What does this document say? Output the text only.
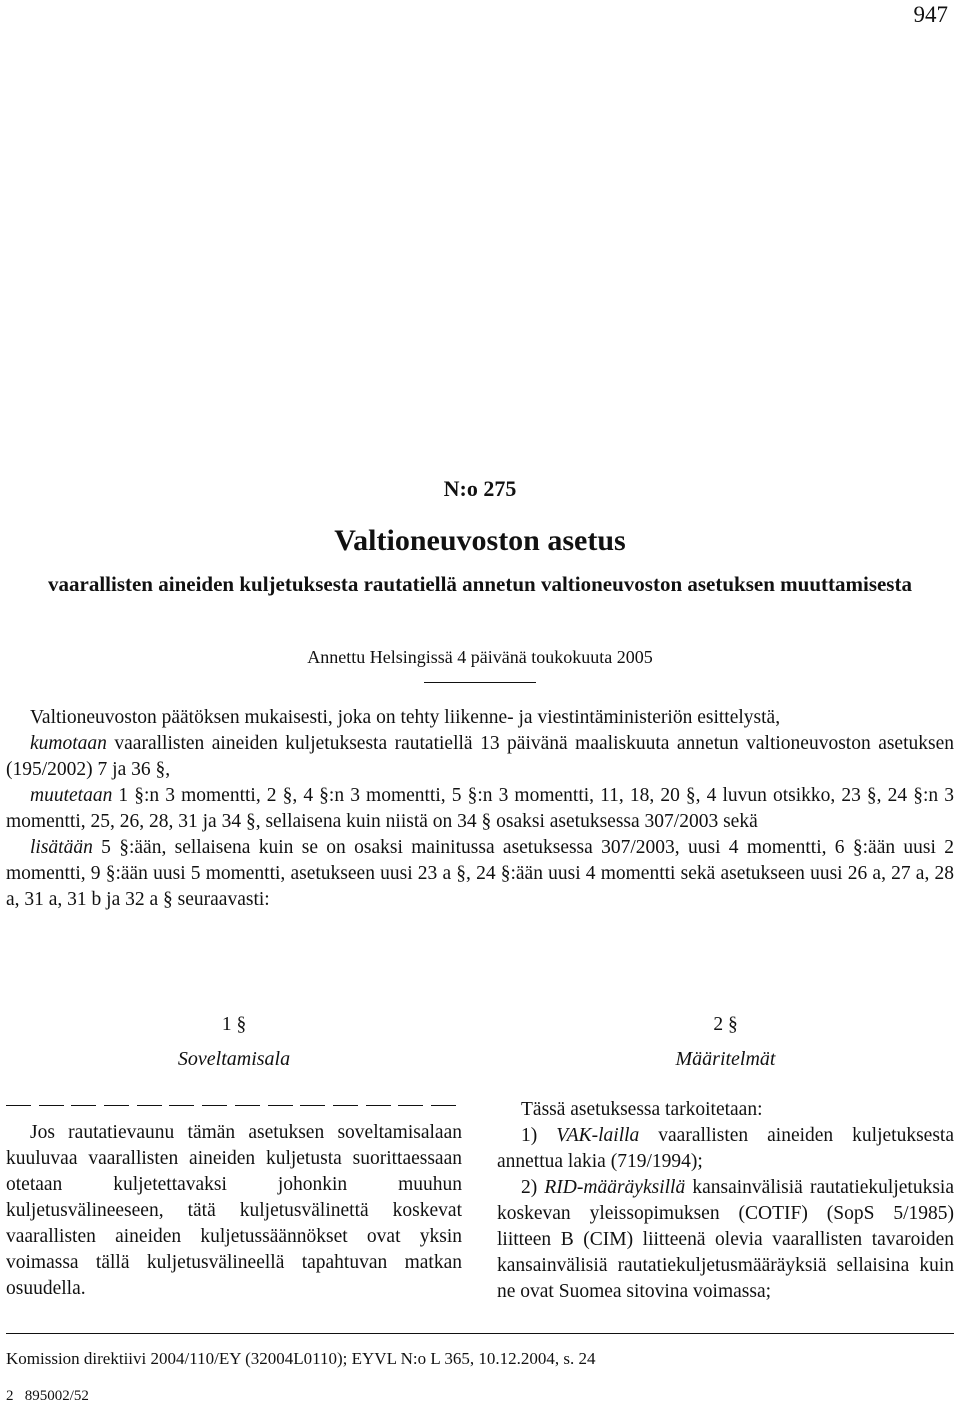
947
N:o 275
Valtioneuvoston asetus
vaarallisten aineiden kuljetuksesta rautatiellä annetun valtioneuvoston asetuksen muuttamisesta
Annettu Helsingissä 4 päivänä toukokuuta 2005

Valtioneuvoston päätöksen mukaisesti, joka on tehty liikenne- ja viestintäministeriön esittelystä,

kumotaan vaarallisten aineiden kuljetuksesta rautatiellä 13 päivänä maaliskuuta annetun valtioneuvoston asetuksen (195/2002) 7 ja 36 §,

muutetaan 1 §:n 3 momentti, 2 §, 4 §:n 3 momentti, 5 §:n 3 momentti, 11, 18, 20 §, 4 luvun otsikko, 23 §, 24 §:n 3 momentti, 25, 26, 28, 31 ja 34 §, sellaisena kuin niistä on 34 § osaksi asetuksessa 307/2003 sekä

lisätään 5 §:ään, sellaisena kuin se on osaksi mainitussa asetuksessa 307/2003, uusi 4 momentti, 6 §:ään uusi 2 momentti, 9 §:ään uusi 5 momentti, asetukseen uusi 23 a §, 24 §:ään uusi 4 momentti sekä asetukseen uusi 26 a, 27 a, 28 a, 31 a, 31 b ja 32 a § seuraavasti:

1 §
Soveltamisala

Jos rautatievaunu tämän asetuksen soveltamisalaan kuuluvaa vaarallisten aineiden kuljetusta suorittaessaan otetaan kuljetettavaksi johonkin muuhun kuljetusvälineeseen, tätä kuljetusvälinettä koskevat vaarallisten aineiden kuljetussäännökset ovat yksin voimassa tällä kuljetusvälineellä tapahtuvan matkan osuudella.

2 §
Määritelmät

Tässä asetuksessa tarkoitetaan:

1) VAK-lailla vaarallisten aineiden kuljetuksesta annettua lakia (719/1994);

2) RID-määräyksillä kansainvälisiä rautatiekuljetuksia koskevan yleissopimuksen (COTIF) (SopS 5/1985) liitteen B (CIM) liitteenä olevia vaarallisten tavaroiden kansainvälisiä rautatiekuljetusmääräyksiä sellaisina kuin ne ovat Suomea sitovina voimassa;

Komission direktiivi 2004/110/EY (32004L0110); EYVL N:o L 365, 10.12.2004, s. 24
2   895002/52
